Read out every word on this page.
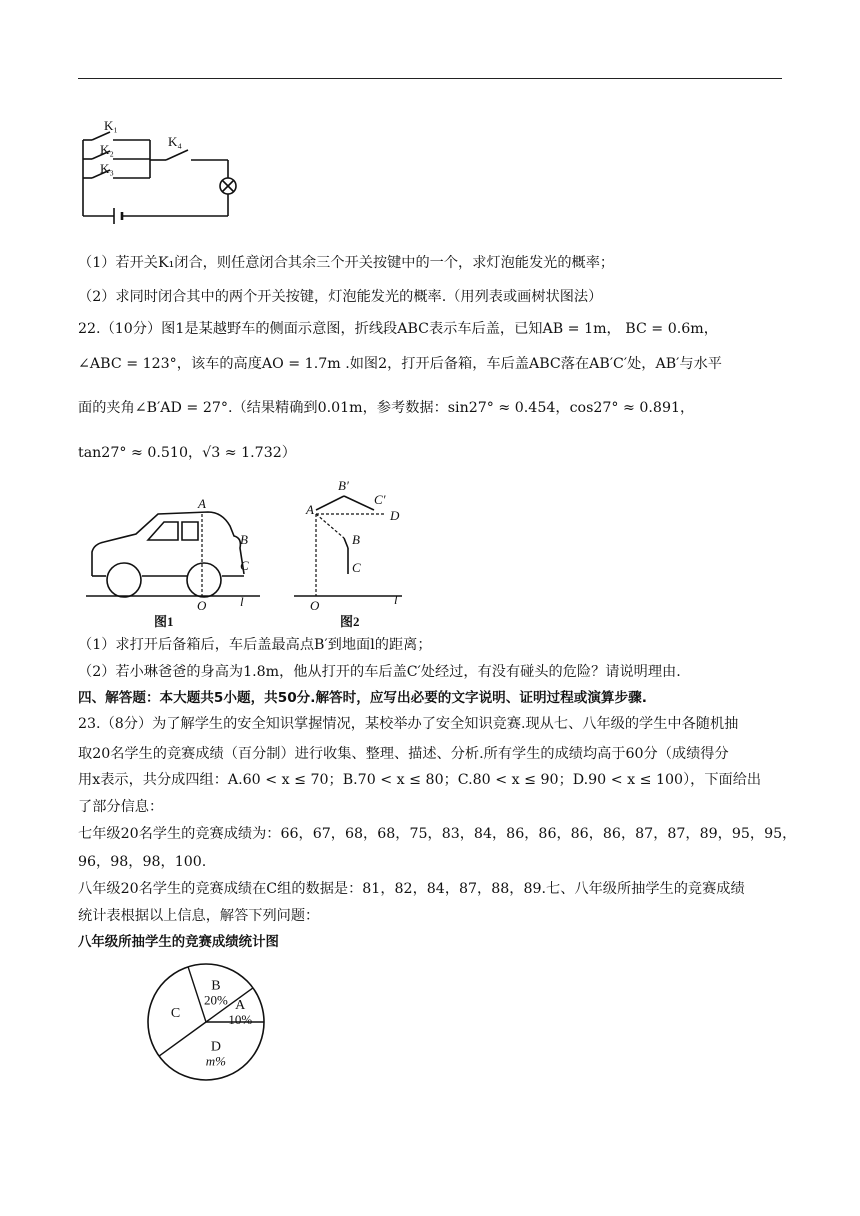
K₁
K₂
K₃
K₄
（1）若开关K₁闭合，则任意闭合其余三个开关按键中的一个，求灯泡能发光的概率；
（2）求同时闭合其中的两个开关按键，灯泡能发光的概率.（用列表或画树状图法）
22.（10分）图1是某越野车的侧面示意图，折线段ABC表示车后盖，已知AB = 1m， BC = 0.6m，
∠ABC = 123°，该车的高度AO = 1.7m .如图2，打开后备箱，车后盖ABC落在AB′C′处，AB′与水平
面的夹角∠B′AD = 27°.（结果精确到0.01m，参考数据：sin27° ≈ 0.454，cos27° ≈ 0.891，
tan27° ≈ 0.510，√3 ≈ 1.732）
A
B
C
O	l
图1
A
B′
C′
D
B
C
O	l
图2
（1）求打开后备箱后，车后盖最高点B′到地面l的距离；
（2）若小琳爸爸的身高为1.8m，他从打开的车后盖C′处经过，有没有碰头的危险？请说明理由.
四、解答题：本大题共5小题，共50分.解答时，应写出必要的文字说明、证明过程或演算步骤.
23.（8分）为了解学生的安全知识掌握情况，某校举办了安全知识竞赛.现从七、八年级的学生中各随机抽
取20名学生的竞赛成绩（百分制）进行收集、整理、描述、分析.所有学生的成绩均高于60分（成绩得分
用x表示，共分成四组：A.60 < x ≤ 70；B.70 < x ≤ 80；C.80 < x ≤ 90；D.90 < x ≤ 100），下面给出
了部分信息：
七年级20名学生的竞赛成绩为：66，67，68，68，75，83，84，86，86，86，86，87，87，89，95，95，
96，98，98，100.
八年级20名学生的竞赛成绩在C组的数据是：81，82，84，87，88，89.七、八年级所抽学生的竞赛成绩
统计表根据以上信息，解答下列问题：
八年级所抽学生的竞赛成绩统计图
A
10%
B
20%
C
D
m%
